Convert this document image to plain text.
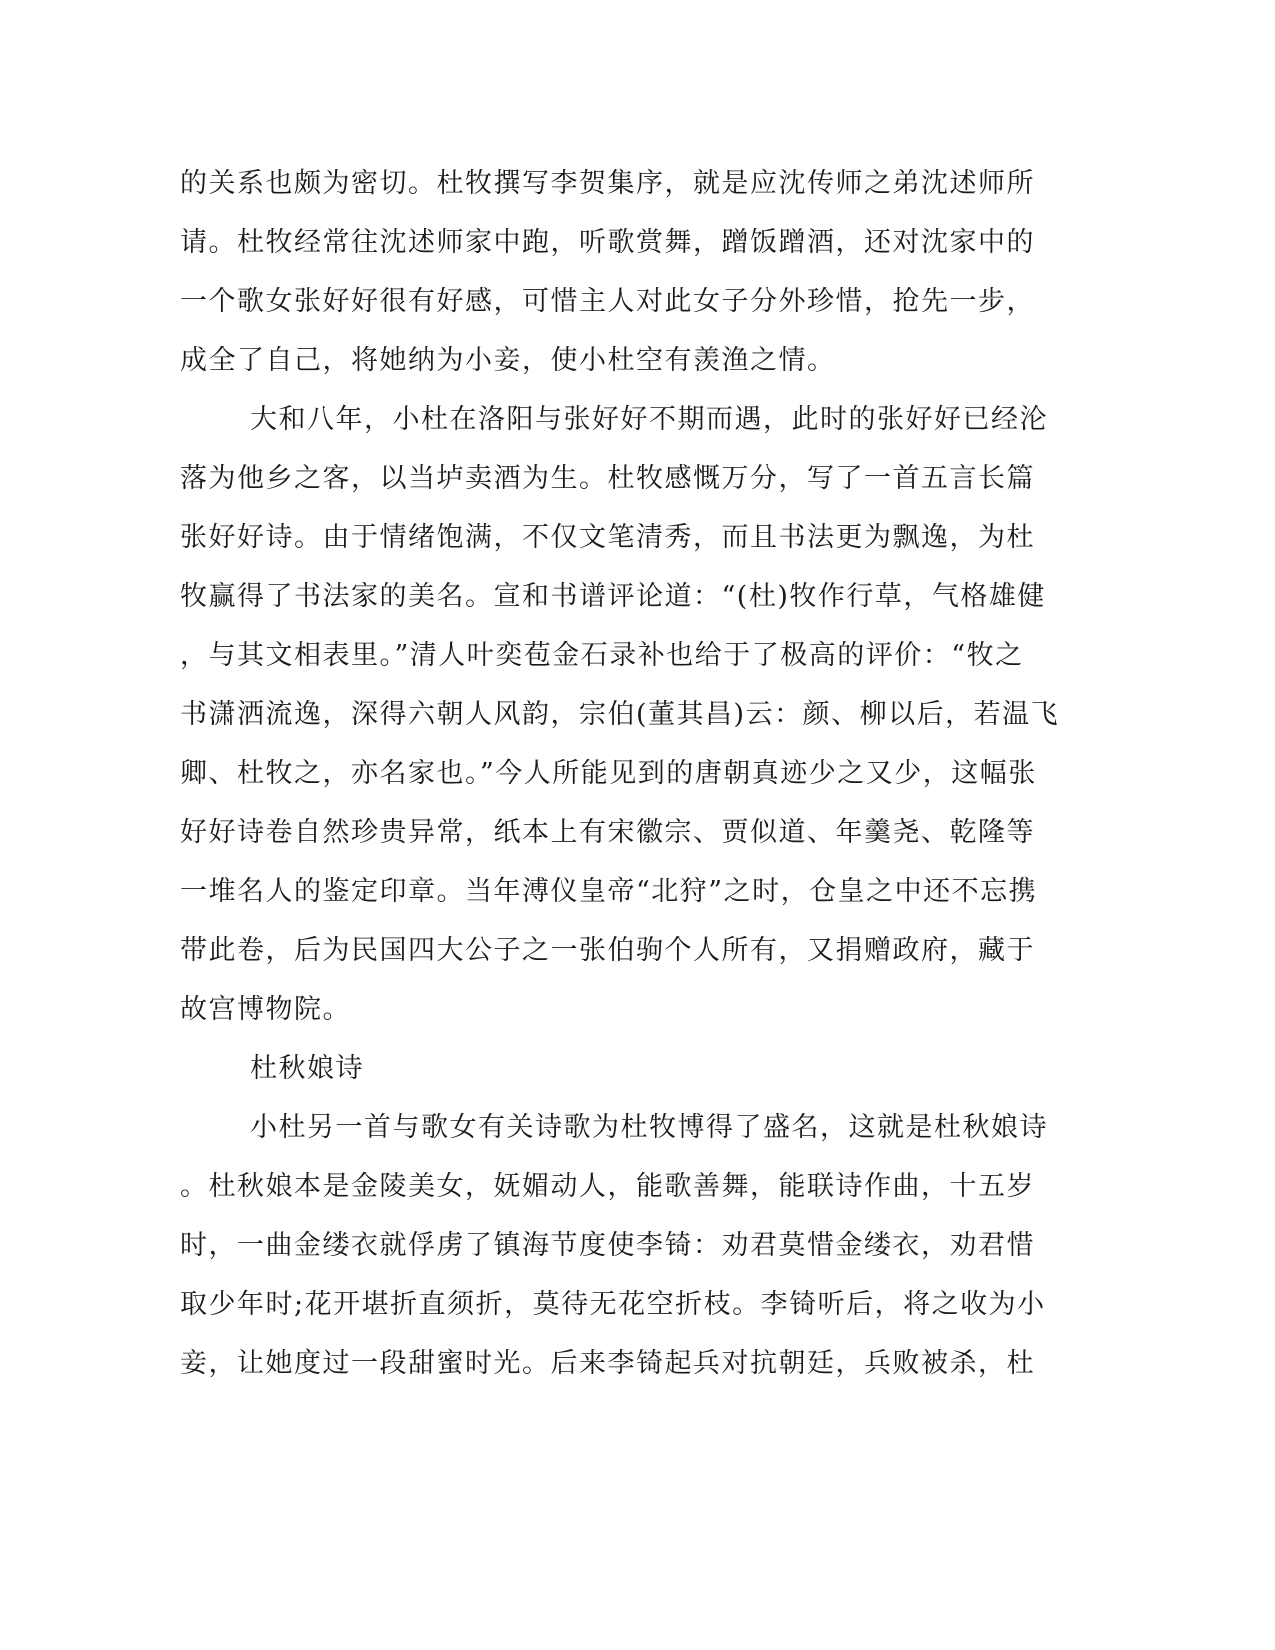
的关系也颇为密切。杜牧撰写李贺集序，就是应沈传师之弟沈述师所
请。杜牧经常往沈述师家中跑，听歌赏舞，蹭饭蹭酒，还对沈家中的
一个歌女张好好很有好感，可惜主人对此女子分外珍惜，抢先一步，
成全了自己，将她纳为小妾，使小杜空有羡渔之情。
大和八年，小杜在洛阳与张好好不期而遇，此时的张好好已经沦
落为他乡之客，以当垆卖酒为生。杜牧感慨万分，写了一首五言长篇
张好好诗。由于情绪饱满，不仅文笔清秀，而且书法更为飘逸，为杜
牧赢得了书法家的美名。宣和书谱评论道：“(杜)牧作行草，气格雄健
，与其文相表里。”清人叶奕苞金石录补也给于了极高的评价：“牧之
书潇洒流逸，深得六朝人风韵，宗伯(董其昌)云：颜、柳以后，若温飞
卿、杜牧之，亦名家也。”今人所能见到的唐朝真迹少之又少，这幅张
好好诗卷自然珍贵异常，纸本上有宋徽宗、贾似道、年羹尧、乾隆等
一堆名人的鉴定印章。当年溥仪皇帝“北狩”之时，仓皇之中还不忘携
带此卷，后为民国四大公子之一张伯驹个人所有，又捐赠政府，藏于
故宫博物院。
杜秋娘诗
小杜另一首与歌女有关诗歌为杜牧博得了盛名，这就是杜秋娘诗
。杜秋娘本是金陵美女，妩媚动人，能歌善舞，能联诗作曲，十五岁
时，一曲金缕衣就俘虏了镇海节度使李锜：劝君莫惜金缕衣，劝君惜
取少年时;花开堪折直须折，莫待无花空折枝。李锜听后，将之收为小
妾，让她度过一段甜蜜时光。后来李锜起兵对抗朝廷，兵败被杀，杜
